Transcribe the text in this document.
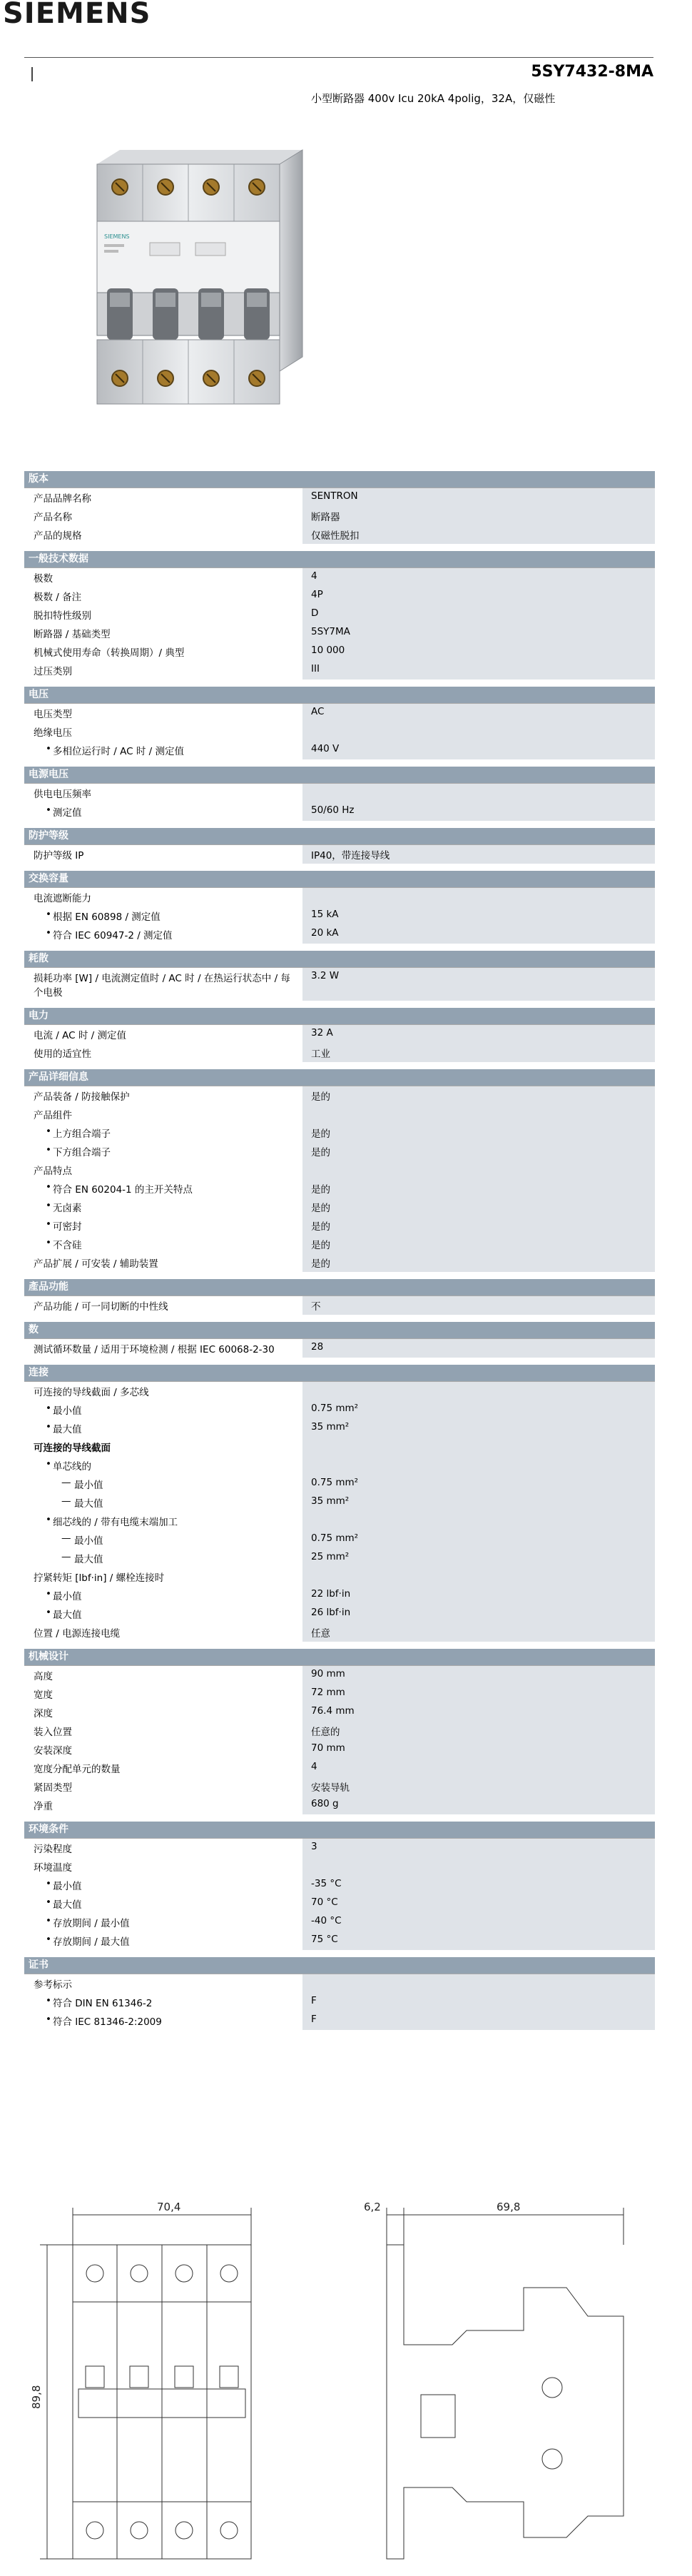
SIEMENS
5SY7432-8MA
小型断路器 400v Icu 20kA 4polig，32A，仅磁性
SIEMENS
版本
产品品牌名称	SENTRON
产品名称	断路器
产品的规格	仅磁性脱扣
一般技术数据
极数	4
极数 / 备注	4P
脱扣特性级别	D
断路器 / 基础类型	5SY7MA
机械式使用寿命（转换周期）/ 典型	10 000
过压类别	III
电压
电压类型	AC
绝缘电压
• 多相位运行时 / AC 时 / 测定值	440 V
电源电压
供电电压频率
• 测定值	50/60 Hz
防护等级
防护等级 IP	IP40，带连接导线
交换容量
电流遮断能力
• 根据 EN 60898 / 测定值	15 kA
• 符合 IEC 60947-2 / 测定值	20 kA
耗散
损耗功率 [W] / 电流测定值时 / AC 时 / 在热运行状态中 / 每个电极
3.2 W
电力
电流 / AC 时 / 测定值	32 A
使用的适宜性	工业
产品详细信息
产品装备 / 防接触保护	是的
产品组件
• 上方组合端子	是的
• 下方组合端子	是的
产品特点
• 符合 EN 60204-1 的主开关特点	是的
• 无卤素	是的
• 可密封	是的
• 不含硅	是的
产品扩展 / 可安装 / 辅助装置	是的
產品功能
产品功能 / 可一同切断的中性线	不
数
测试循环数量 / 适用于环境检测 / 根据 IEC 60068-2-30	28
连接
可连接的导线截面 / 多芯线
• 最小值	0.75 mm²
• 最大值	35 mm²
可连接的导线截面
• 单芯线的
— 最小值	0.75 mm²
— 最大值	35 mm²
• 细芯线的 / 带有电缆末端加工
— 最小值	0.75 mm²
— 最大值	25 mm²
拧紧转矩 [lbf·in] / 螺栓连接时
• 最小值	22 lbf·in
• 最大值	26 lbf·in
位置 / 电源连接电缆	任意
机械设计
高度	90 mm
宽度	72 mm
深度	76.4 mm
装入位置	任意的
安装深度	70 mm
宽度分配单元的数量	4
紧固类型	安装导轨
净重	680 g
环境条件
污染程度	3
环境温度
• 最小值	-35 °C
• 最大值	70 °C
• 存放期间 / 最小值	-40 °C
• 存放期间 / 最大值	75 °C
证书
参考标示
• 符合 DIN EN 61346-2	F
• 符合 IEC 81346-2:2009	F
70,4
89,8
6,2	69,8
